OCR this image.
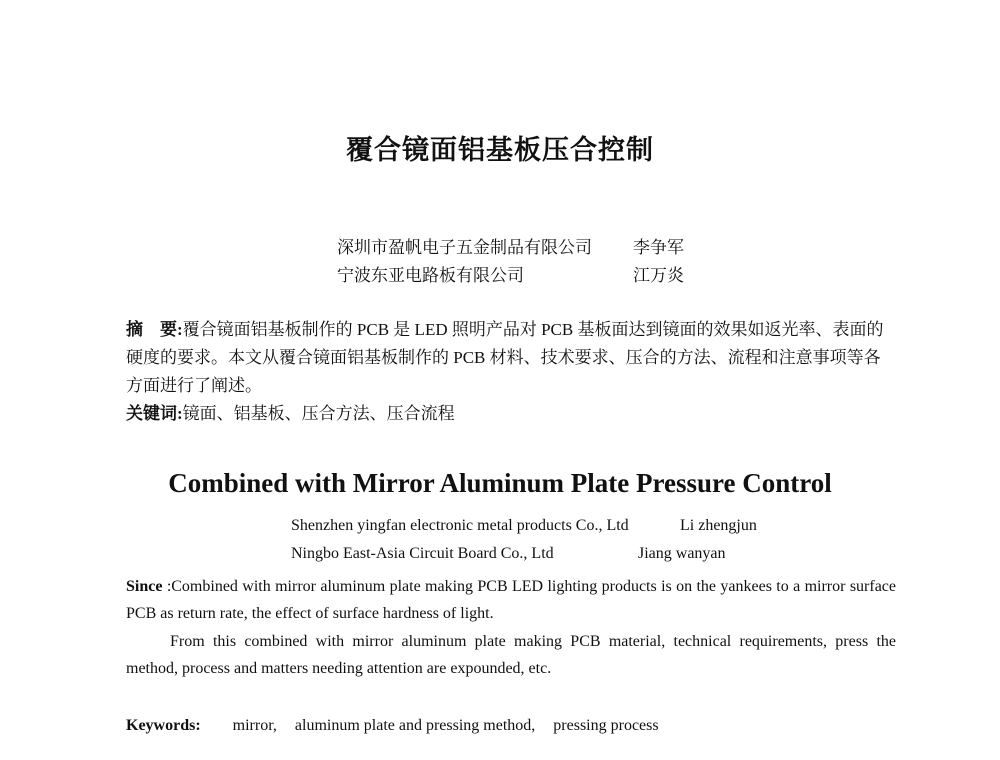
覆合镜面铝基板压合控制
深圳市盈帆电子五金制品有限公司 李争军
宁波东亚电路板有限公司	江万炎
摘　要:覆合镜面铝基板制作的 PCB 是 LED 照明产品对 PCB 基板面达到镜面的效果如返光率、表面的硬度的要求。本文从覆合镜面铝基板制作的 PCB 材料、技术要求、压合的方法、流程和注意事项等各方面进行了阐述。
关键词:镜面、铝基板、压合方法、压合流程
Combined with Mirror Aluminum Plate Pressure Control
Shenzhen yingfan electronic metal products Co., Ltd	Li zhengjun
Ningbo East-Asia Circuit Board Co., Ltd	Jiang wanyan
Since :Combined with mirror aluminum plate making PCB LED lighting products is on the yankees to a mirror surface PCB as return rate, the effect of surface hardness of light.
From this combined with mirror aluminum plate making PCB material, technical requirements, press the method, process and matters needing attention are expounded, etc.
Keywords: mirror, aluminum plate and pressing method, pressing process
